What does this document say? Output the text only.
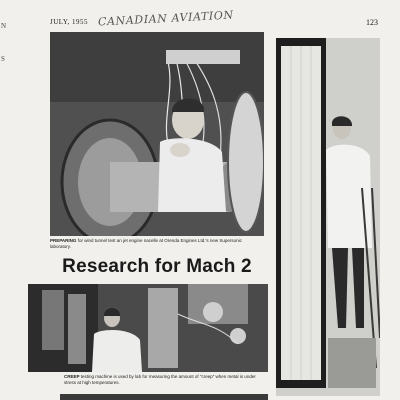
N
S
JULY, 1955 CANADIAN AVIATION	123
PREPARING for wind tunnel test an jet engine nacelle at Orenda Engines Ltd.'s new Supersonic laboratory.
Research for Mach 2
CREEP testing machine is used by lab for measuring the amount of "creep" when metal is under stress at high temperatures.
